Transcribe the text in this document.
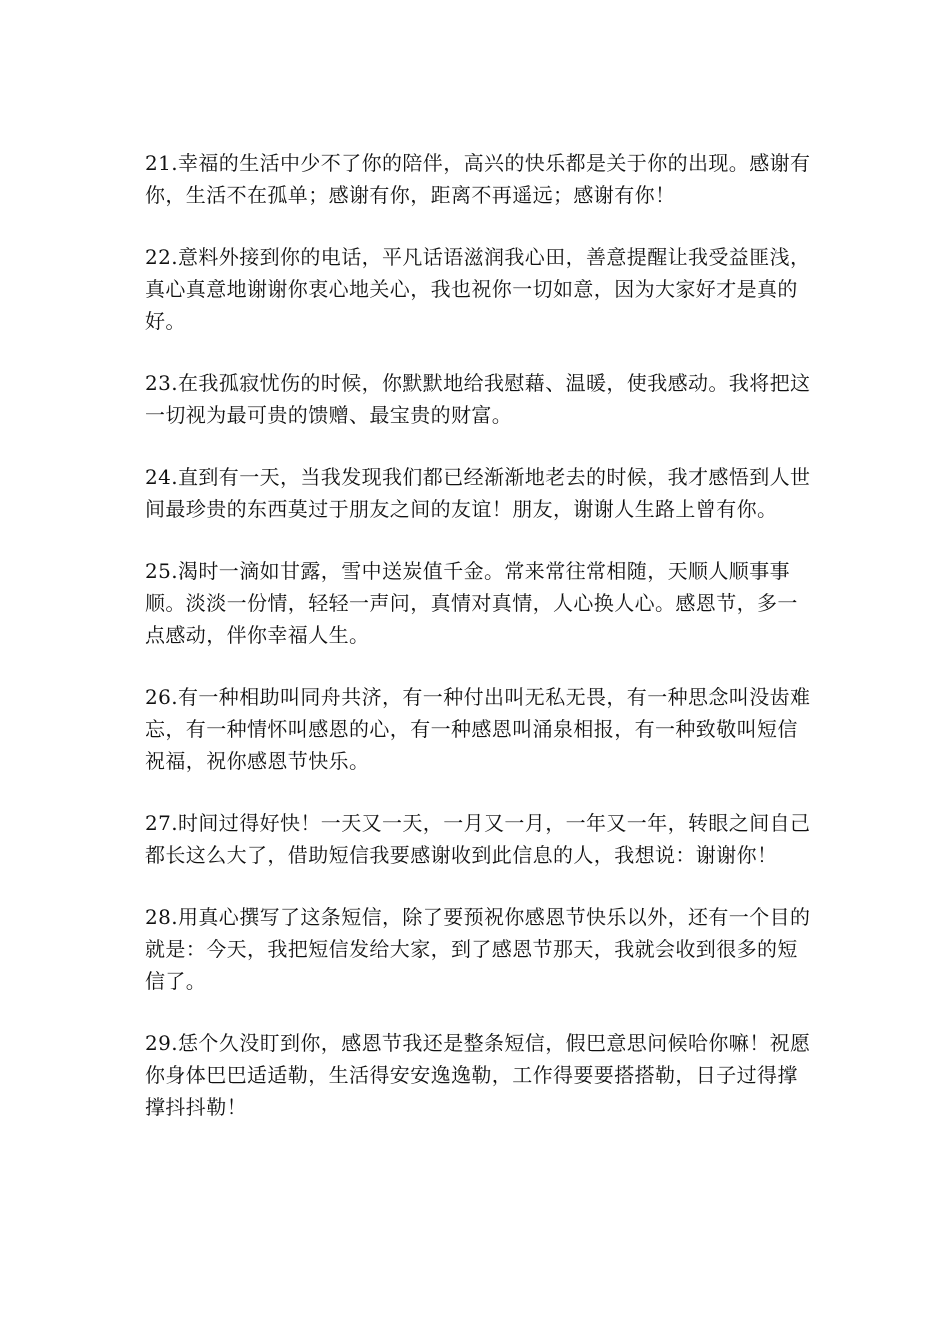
21.幸福的生活中少不了你的陪伴，高兴的快乐都是关于你的出现。感谢有你，生活不在孤单；感谢有你，距离不再遥远；感谢有你！

22.意料外接到你的电话，平凡话语滋润我心田，善意提醒让我受益匪浅，真心真意地谢谢你衷心地关心，我也祝你一切如意，因为大家好才是真的好。

23.在我孤寂忧伤的时候，你默默地给我慰藉、温暖，使我感动。我将把这一切视为最可贵的馈赠、最宝贵的财富。

24.直到有一天，当我发现我们都已经渐渐地老去的时候，我才感悟到人世间最珍贵的东西莫过于朋友之间的友谊！朋友，谢谢人生路上曾有你。

25.渴时一滴如甘露，雪中送炭值千金。常来常往常相随，天顺人顺事事顺。淡淡一份情，轻轻一声问，真情对真情，人心换人心。感恩节，多一点感动，伴你幸福人生。

26.有一种相助叫同舟共济，有一种付出叫无私无畏，有一种思念叫没齿难忘，有一种情怀叫感恩的心，有一种感恩叫涌泉相报，有一种致敬叫短信祝福，祝你感恩节快乐。

27.时间过得好快！一天又一天，一月又一月，一年又一年，转眼之间自己都长这么大了，借助短信我要感谢收到此信息的人，我想说：谢谢你！

28.用真心撰写了这条短信，除了要预祝你感恩节快乐以外，还有一个目的就是：今天，我把短信发给大家，到了感恩节那天，我就会收到很多的短信了。

29.恁个久没盯到你，感恩节我还是整条短信，假巴意思问候哈你嘛！祝愿你身体巴巴适适勒，生活得安安逸逸勒，工作得要要搭搭勒，日子过得撑撑抖抖勒！
